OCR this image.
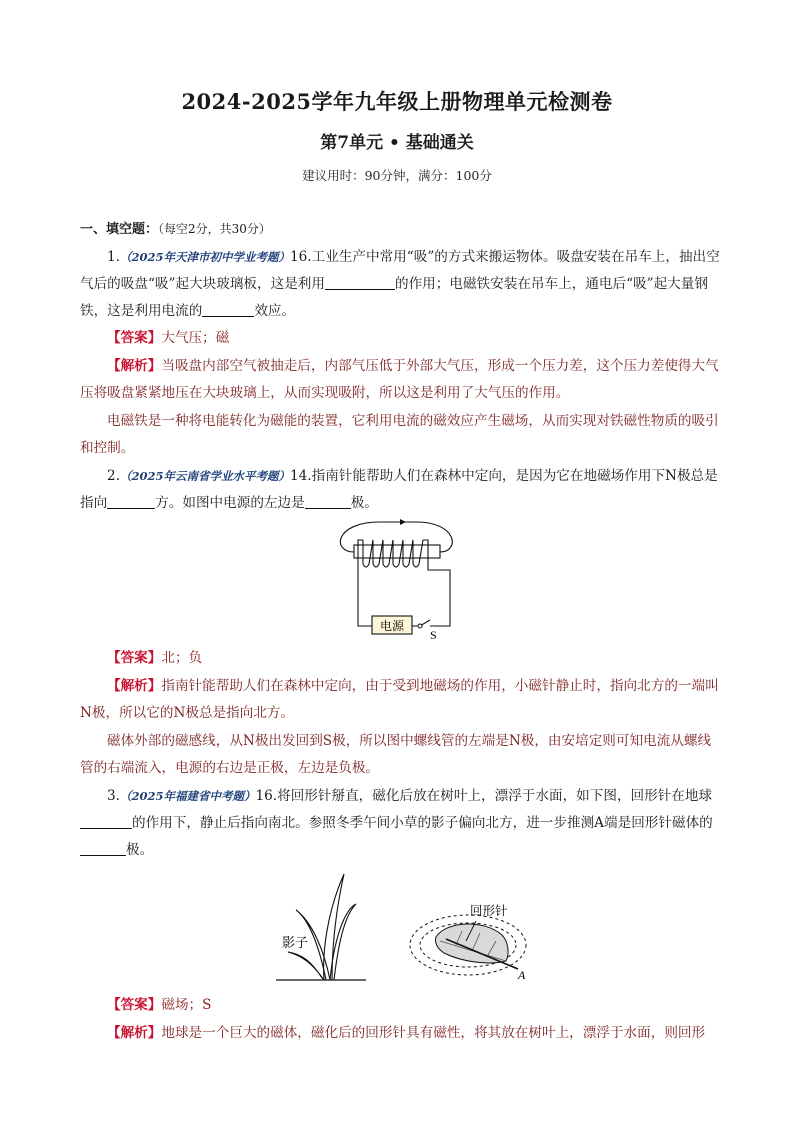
2024-2025学年九年级上册物理单元检测卷
第7单元 • 基础通关
建议用时：90分钟，满分：100分
一、填空题：（每空2分，共30分）
1.（2025年天津市初中学业考题）16.工业生产中常用“吸”的方式来搬运物体。吸盘安装在吊车上，抽出空气后的吸盘“吸”起大块玻璃板，这是利用	的作用；电磁铁安装在吊车上，通电后“吸”起大量钢铁，这是利用电流的	效应。
【答案】大气压；磁
【解析】当吸盘内部空气被抽走后，内部气压低于外部大气压，形成一个压力差，这个压力差使得大气压将吸盘紧紧地压在大块玻璃上，从而实现吸附，所以这是利用了大气压的作用。
电磁铁是一种将电能转化为磁能的装置，它利用电流的磁效应产生磁场，从而实现对铁磁性物质的吸引和控制。
2.（2025年云南省学业水平考题）14.指南针能帮助人们在森林中定向，是因为它在地磁场作用下N极总是指向	方。如图中电源的左边是	极。
电源
S
【答案】北；负
【解析】指南针能帮助人们在森林中定向，由于受到地磁场的作用，小磁针静止时，指向北方的一端叫N极，所以它的N极总是指向北方。
磁体外部的磁感线，从N极出发回到S极，所以图中螺线管的左端是N极，由安培定则可知电流从螺线管的右端流入，电源的右边是正极，左边是负极。
3.（2025年福建省中考题）16.将回形针掰直，磁化后放在树叶上，漂浮于水面，如下图，回形针在地球的作用下，静止后指向南北。参照冬季午间小草的影子偏向北方，进一步推测A端是回形针磁体的极。
影子
回形针
A
【答案】磁场；S
【解析】地球是一个巨大的磁体，磁化后的回形针具有磁性，将其放在树叶上，漂浮于水面，则回形
